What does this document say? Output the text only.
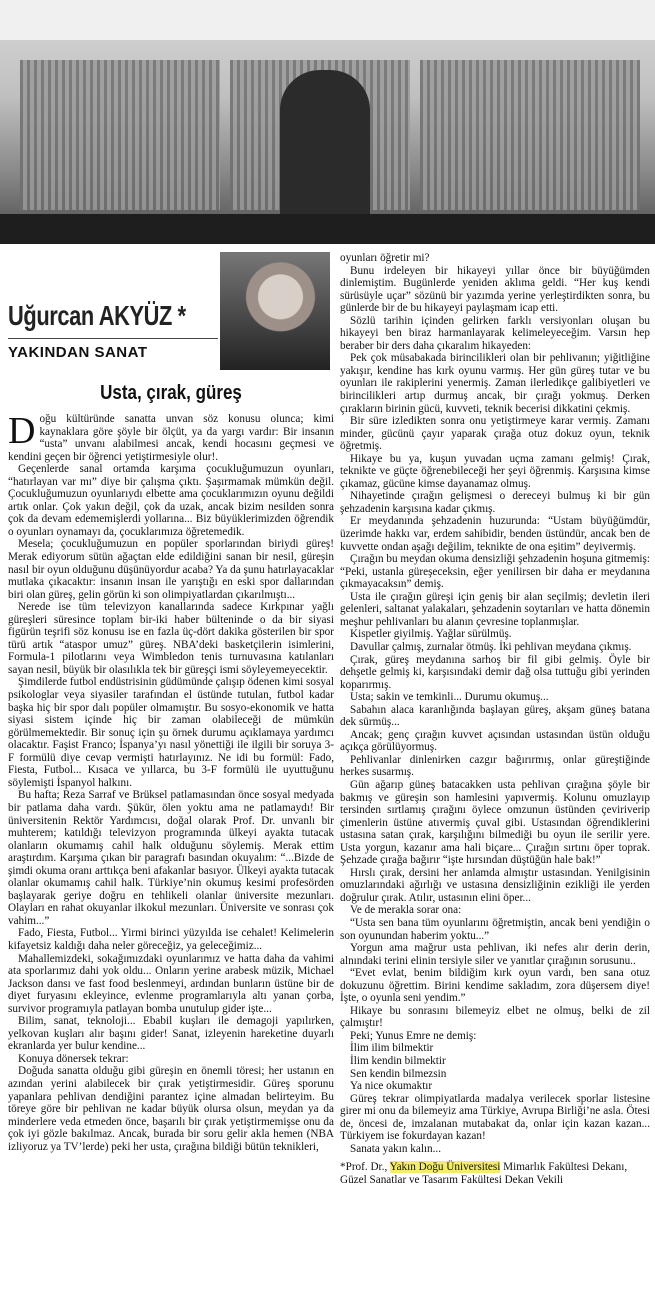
Uğurcan AKYÜZ *
YAKINDAN SANAT
Usta, çırak, güreş

Doğu kültüründe sanatta unvan söz konusu olunca; kimi kaynaklara göre şöyle bir ölçüt, ya da yargı vardır: Bir insanın “usta” unvanı alabilmesi ancak, kendi hocasını geçmesi ve kendini geçen bir öğrenci yetiştirmesiyle olur!.

Geçenlerde sanal ortamda karşıma çocukluğumuzun oyunları, “hatırlayan var mı” diye bir çalışma çıktı. Şaşırmamak mümkün değil. Çocukluğumuzun oyunlarıydı elbette ama çocuklarımızın oyunu değildi artık onlar. Çok yakın değil, çok da uzak, ancak bizim nesilden sonra çok da devam edememişlerdi yollarına... Biz büyüklerimizden öğrendik o oyunları oynamayı da, çocuklarımıza öğretemedik.

Mesela; çocukluğumuzun en popüler sporlarından biriydi güreş! Merak ediyorum sütün ağaçtan elde edildiğini sanan bir nesil, güreşin nasıl bir oyun olduğunu düşünüyordur acaba? Ya da şunu hatırlayacaklar mutlaka çıkacaktır: insanın insan ile yarıştığı en eski spor dallarından biri olan güreş, gelin görün ki son olimpiyatlardan çıkarılmıştı...

Nerede ise tüm televizyon kanallarında sadece Kırkpınar yağlı güreşleri süresince toplam bir-iki haber bülteninde o da bir siyasi figürün teşrifi söz konusu ise en fazla üç-dört dakika gösterilen bir spor türü artık “ataspor umuz” güreş. NBA’deki basketçilerin isimlerini, Formula-1 pilotlarını veya Wimbledon tenis turnuvasına katılanları sayan nesil, büyük bir olasılıkla tek bir güreşçi ismi söyleyemeyecektir.

Şimdilerde futbol endüstrisinin güdümünde çalışıp ödenen kimi sosyal psikologlar veya siyasiler tarafından el üstünde tutulan, futbol kadar başka hiç bir spor dalı popüler olmamıştır. Bu sosyo-ekonomik ve hatta siyasi sistem içinde hiç bir zaman olabileceği de mümkün görülmemektedir. Bir sonuç için şu örnek durumu açıklamaya yardımcı olacaktır. Faşist Franco; İspanya’yı nasıl yönettiği ile ilgili bir soruya 3-F formülü diye cevap vermişti hatırlayınız. Ne idi bu formül: Fado, Fiesta, Futbol... Kısaca ve yıllarca, bu 3-F formülü ile uyuttuğunu söylemişti İspanyol halkını.

Bu hafta; Reza Sarraf ve Brüksel patlamasından önce sosyal medyada bir patlama daha vardı. Şükür, ölen yoktu ama ne patlamaydı! Bir üniversitenin Rektör Yardımcısı, doğal olarak Prof. Dr. unvanlı bir muhterem; katıldığı televizyon programında ülkeyi ayakta tutacak olanların okumamış cahil halk olduğunu söylemiş. Merak ettim araştırdım. Karşıma çıkan bir paragrafı basından okuyalım: “...Bizde de şimdi okuma oranı arttıkça beni afakanlar basıyor. Ülkeyi ayakta tutacak olanlar okumamış cahil halk. Türkiye’nin okumuş kesimi profesörden başlayarak geriye doğru en tehlikeli olanlar üniversite mezunları. Olayları en rahat okuyanlar ilkokul mezunları. Üniversite ve sonrası çok vahim...”

Fado, Fiesta, Futbol... Yirmi birinci yüzyılda ise cehalet! Kelimelerin kifayetsiz kaldığı daha neler göreceğiz, ya geleceğimiz...

Mahallemizdeki, sokağımızdaki oyunlarımız ve hatta daha da vahimi ata sporlarımız dahi yok oldu... Onların yerine arabesk müzik, Michael Jackson dansı ve fast food beslenmeyi, ardından bunların üstüne bir de diyet furyasını ekleyince, evlenme programlarıyla altı yanan çorba, survivor programıyla patlayan bomba unutulup gider işte...

Bilim, sanat, teknoloji... Ebabil kuşları ile demagoji yapılırken, yelkovan kuşları alır başını gider! Sanat, izleyenin hareketine duyarlı ekranlarda yer bulur kendine...

Konuya dönersek tekrar:

Doğuda sanatta olduğu gibi güreşin en önemli töresi; her ustanın en azından yerini alabilecek bir çırak yetiştirmesidir. Güreş sporunu yapanlara pehlivan dendiğini parantez içine almadan belirteyim. Bu töreye göre bir pehlivan ne kadar büyük olursa olsun, meydan ya da minderlere veda etmeden önce, başarılı bir çırak yetiştirmemişse onu da çok iyi gözle bakılmaz. Ancak, burada bir soru gelir akla hemen (NBA izliyoruz ya TV’lerde) peki her usta, çırağına bildiği bütün teknikleri,

oyunları öğretir mi?

Bunu irdeleyen bir hikayeyi yıllar önce bir büyüğümden dinlemiştim. Bugünlerde yeniden aklıma geldi. “Her kuş kendi sürüsüyle uçar” sözünü bir yazımda yerine yerleştirdikten sonra, bu günlerde bir de bu hikayeyi paylaşmam icap etti.

Sözlü tarihin içinden gelirken farklı versiyonları oluşan bu hikayeyi ben biraz harmanlayarak kelimeleyeceğim. Varsın hep beraber bir ders daha çıkaralım hikayeden:

Pek çok müsabakada birincilikleri olan bir pehlivanın; yiğitliğine yakışır, kendine has kırk oyunu varmış. Her gün güreş tutar ve bu oyunları ile rakiplerini yenermiş. Zaman ilerledikçe galibiyetleri ve birincilikleri artıp durmuş ancak, bir çırağı yokmuş. Derken çırakların birinin gücü, kuvveti, teknik becerisi dikkatini çekmiş.

Bir süre izledikten sonra onu yetiştirmeye karar vermiş. Zamanı minder, gücünü çayır yaparak çırağa otuz dokuz oyun, teknik öğretmiş.

Hikaye bu ya, kuşun yuvadan uçma zamanı gelmiş! Çırak, teknikte ve güçte öğrenebileceği her şeyi öğrenmiş. Karşısına kimse çıkamaz, gücüne kimse dayanamaz olmuş.

Nihayetinde çırağın gelişmesi o dereceyi bulmuş ki bir gün şehzadenin karşısına kadar çıkmış.

Er meydanında şehzadenin huzurunda: “Ustam büyüğümdür, üzerimde hakkı var, erdem sahibidir, benden üstündür, ancak ben de kuvvette ondan aşağı değilim, teknikte de ona eşitim” deyivermiş.

Çırağın bu meydan okuma densizliği şehzadenin hoşuna gitmemiş: “Peki, ustanla güreşeceksin, eğer yenilirsen bir daha er meydanına çıkmayacaksın” demiş.

Usta ile çırağın güreşi için geniş bir alan seçilmiş; devletin ileri gelenleri, saltanat yalakaları, şehzadenin soytarıları ve hatta dönemin meşhur pehlivanları bu alanın çevresine toplanmışlar.

Kispetler giyilmiş. Yağlar sürülmüş.

Davullar çalmış, zurnalar ötmüş. İki pehlivan meydana çıkmış.

Çırak, güreş meydanına sarhoş bir fil gibi gelmiş. Öyle bir dehşetle gelmiş ki, karşısındaki demir dağ olsa tuttuğu gibi yerinden koparırmış.

Usta; sakin ve temkinli... Durumu okumuş...

Sabahın alaca karanlığında başlayan güreş, akşam güneş batana dek sürmüş...

Ancak; genç çırağın kuvvet açısından ustasından üstün olduğu açıkça görülüyormuş.

Pehlivanlar dinlenirken cazgır bağırırmış, onlar güreştiğinde herkes susarmış.

Gün ağarıp güneş batacakken usta pehlivan çırağına şöyle bir bakmış ve güreşin son hamlesini yapıvermiş. Kolunu omuzlayıp tersinden sırtlamış çırağını öylece omzunun üstünden çeviriverip çimenlerin üstüne atıvermiş çuval gibi. Ustasından öğrendiklerini ustasına satan çırak, karşılığını bilmediği bu oyun ile serilir yere. Usta yorgun, kazanır ama hali biçare... Çırağın sırtını öper toprak. Şehzade çırağa bağırır “işte hırsından düştüğün hale bak!”

Hırslı çırak, dersini her anlamda almıştır ustasından. Yenilgisinin omuzlarındaki ağırlığı ve ustasına densizliğinin ezikliği ile yerden doğrulur çırak. Atılır, ustasının elini öper...

Ve de merakla sorar ona:

“Usta sen bana tüm oyunlarını öğretmiştin, ancak beni yendiğin o son oyunundan haberim yoktu...”

Yorgun ama mağrur usta pehlivan, iki nefes alır derin derin, alnındaki terini elinin tersiyle siler ve yanıtlar çırağının sorusunu..

“Evet evlat, benim bildiğim kırk oyun vardı, ben sana otuz dokuzunu öğrettim. Birini kendime sakladım, zora düşersem diye! İşte, o oyunla seni yendim.”

Hikaye bu sonrasını bilemeyiz elbet ne olmuş, belki de zil çalmıştır!

Peki; Yunus Emre ne demiş:

İlim ilim bilmektir

İlim kendin bilmektir

Sen kendin bilmezsin

Ya nice okumaktır

Güreş tekrar olimpiyatlarda madalya verilecek sporlar listesine girer mi onu da bilemeyiz ama Türkiye, Avrupa Birliği’ne asla. Ötesi de, öncesi de, imzalanan mutabakat da, onlar için kazan kazan... Türkiyem ise fokurdayan kazan!

Sanata yakın kalın...

*Prof. Dr., Yakın Doğu Üniversitesi Mimarlık Fakültesi Dekanı, Güzel Sanatlar ve Tasarım Fakültesi Dekan Vekili
